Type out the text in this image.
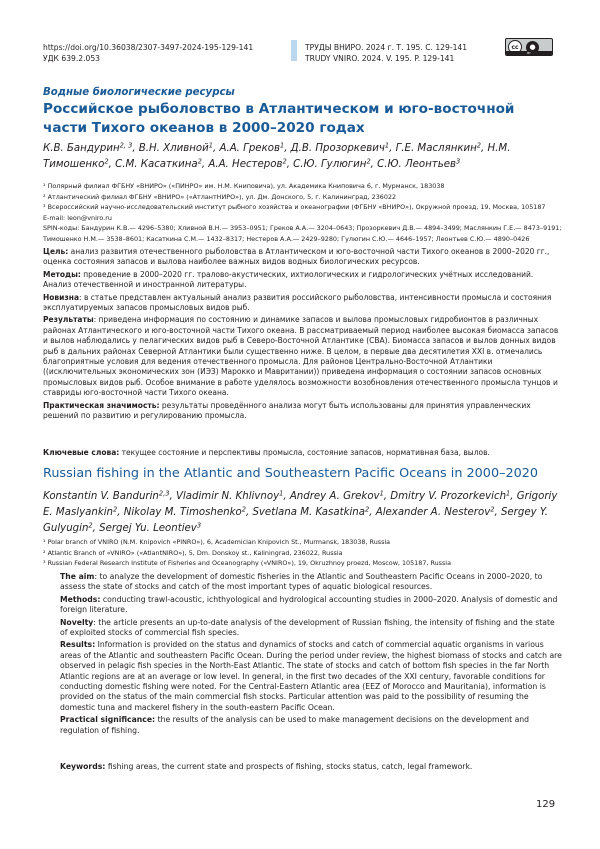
https://doi.org/10.36038/2307-3497-2024-195-129-141
УДК 639.2.053
ТРУДЫ ВНИРО. 2024 г. Т. 195. С. 129-141
TRUDY VNIRO. 2024. V. 195. P. 129-141
cc	●
BY
Водные биологические ресурсы
Российское рыболовство в Атлантическом и юго-восточной части Тихого океанов в 2000–2020 годах
К.В. Бандурин$^{2, 3}$, В.Н. Хливной$^1$, А.А. Греков$^1$, Д.В. Прозоркевич$^1$, Г.Е. Маслянкин$^2$, Н.М. Тимошенко$^2$, С.М. Касаткина$^2$, А.А. Нестеров$^2$, С.Ю. Гулюгин$^2$, С.Ю. Леонтьев$^3$
¹ Полярный филиал ФГБНУ «ВНИРО» («ПИНРО» им. Н.М. Книповича), ул. Академика Книповича 6, г. Мурманск, 183038
² Атлантический филиал ФГБНУ «ВНИРО» («АтлантНИРО»), ул. Дм. Донского, 5, г. Калининград, 236022
³ Всероссийский научно-исследовательский институт рыбного хозяйства и океанографии (ФГБНУ «ВНИРО»), Окружной проезд, 19, Москва, 105187
E-mail: leon@vniro.ru
SPIN-коды: Бандурин К.В.— 4296–5380; Хливной В.Н.— 3953–0951; Греков А.А.— 3204–0643; Прозоркевич Д.В.— 4894–3499; Маслянкин Г.Е.— 8473–9191; Тимошенко Н.М.— 3538–8601; Касаткина С.М.— 1432–8317; Нестеров А.А.— 2429–9280; Гулюгин С.Ю.— 4646–1957; Леонтьев С.Ю.— 4890–0426

Цель: анализ развития отечественного рыболовства в Атлантическом и юго-восточной части Тихого океанов в 2000–2020 гг., оценка состояния запасов и вылова наиболее важных видов водных биологических ресурсов.

Методы: проведение в 2000–2020 гг. тралово-акустических, ихтиологических и гидрологических учётных исследований. Анализ отечественной и иностранной литературы.

Новизна: в статье представлен актуальный анализ развития российского рыболовства, интенсивности промысла и состояния эксплуатируемых запасов промысловых видов рыб.

Результаты: приведена информация по состоянию и динамике запасов и вылова промысловых гидробионтов в различных районах Атлантического и юго-восточной части Тихого океана. В рассматриваемый период наиболее высокая биомасса запасов и вылов наблюдались у пелагических видов рыб в Северо-Восточной Атлантике (СВА). Биомасса запасов и вылов донных видов рыб в дальних районах Северной Атлантики были существенно ниже. В целом, в первые два десятилетия XXI в. отмечались благоприятные условия для ведения отечественного промысла. Для районов Центрально-Восточной Атлантики ((исключительных экономических зон (ИЭЗ) Марокко и Мавритании)) приведена информация о состоянии запасов основных промысловых видов рыб. Особое внимание в работе уделялось возможности возобновления отечественного промысла тунцов и ставриды юго-восточной части Тихого океана.

Практическая значимость: результаты проведённого анализа могут быть использованы для принятия управленческих решений по развитию и регулированию промысла.

Ключевые слова: текущее состояние и перспективы промысла, состояние запасов, нормативная база, вылов.
Russian fishing in the Atlantic and Southeastern Pacific Oceans in 2000–2020
Konstantin V. Bandurin$^{2,3}$, Vladimir N. Khlivnoy$^1$, Andrey A. Grekov$^1$, Dmitry V. Prozorkevich$^1$, Grigoriy E. Maslyankin$^2$, Nikolay M. Timoshenko$^2$, Svetlana M. Kasatkina$^2$, Alexander A. Nesterov$^2$, Sergey Y. Gulyugin$^2$, Sergej Yu. Leontiev$^3$
¹ Polar branch of VNIRO (N.M. Knipovich «PINRO»), 6, Academician Knipovich St., Murmansk, 183038, Russia
² Atlantic Branch of «VNIRO» («AtlantNIRO»), 5, Dm. Donskoy st., Kaliningrad, 236022, Russia
³ Russian Federal Research Institute of Fisheries and Oceanography («VNIRO»), 19, Okruzhnoy proezd, Moscow, 105187, Russia

The aim: to analyze the development of domestic fisheries in the Atlantic and Southeastern Pacific Oceans in 2000–2020, to assess the state of stocks and catch of the most important types of aquatic biological resources.

Methods: conducting trawl-acoustic, ichthyological and hydrological accounting studies in 2000–2020. Analysis of domestic and foreign literature.

Novelty: the article presents an up-to-date analysis of the development of Russian fishing, the intensity of fishing and the state of exploited stocks of commercial fish species.

Results: Information is provided on the status and dynamics of stocks and catch of commercial aquatic organisms in various areas of the Atlantic and southeastern Pacific Ocean. During the period under review, the highest biomass of stocks and catch are observed in pelagic fish species in the North-East Atlantic. The state of stocks and catch of bottom fish species in the far North Atlantic regions are at an average or low level. In general, in the first two decades of the XXI century, favorable conditions for conducting domestic fishing were noted. For the Central-Eastern Atlantic area (EEZ of Morocco and Mauritania), information is provided on the status of the main commercial fish stocks. Particular attention was paid to the possibility of resuming the domestic tuna and mackerel fishery in the south-eastern Pacific Ocean.

Practical significance: the results of the analysis can be used to make management decisions on the development and regulation of fishing.

Keywords: fishing areas, the current state and prospects of fishing, stocks status, catch, legal framework.
129
